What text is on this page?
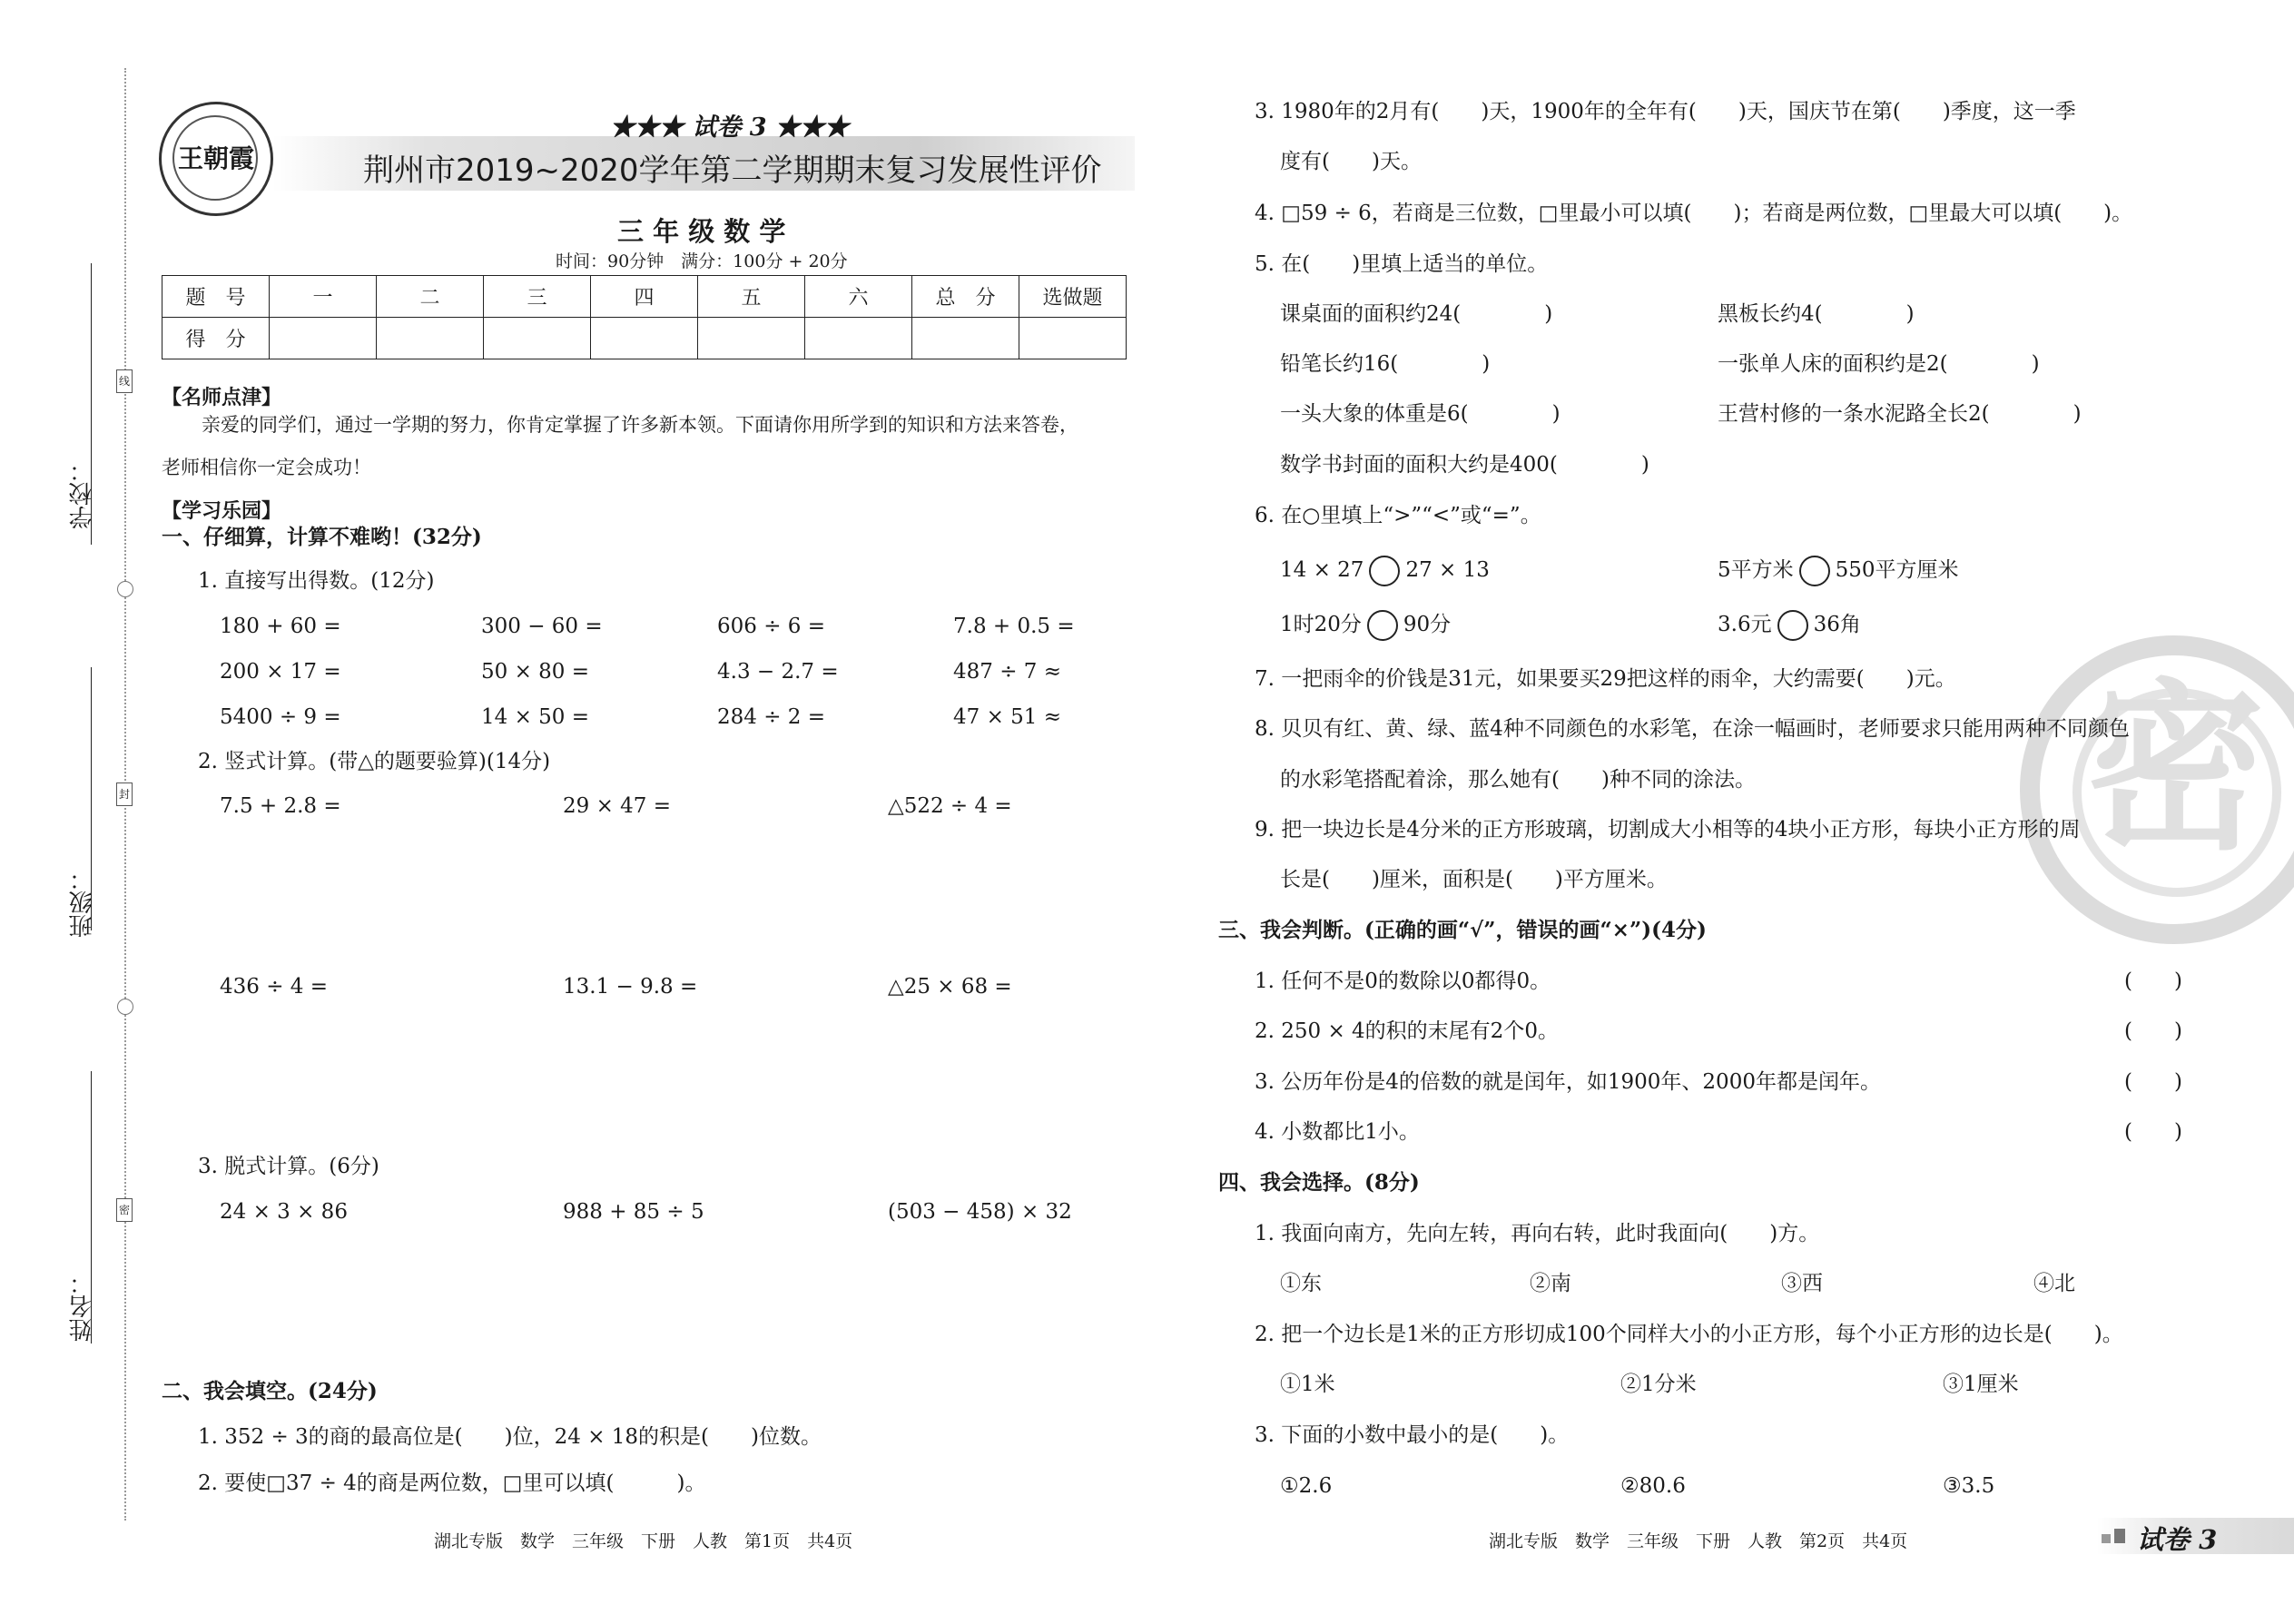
学校：
班级：
姓名：
线
封
密
王朝霞
★★★ 试卷 3 ★★★
荆州市2019~2020学年第二学期期末复习发展性评价
三 年 级 数 学
时间：90分钟　满分：100分 + 20分
题　号	一	二	三	四	五	六	总　分	选做题
得　分								
【名师点津】
亲爱的同学们，通过一学期的努力，你肯定掌握了许多新本领。下面请你用所学到的知识和方法来答卷，
老师相信你一定会成功！
【学习乐园】
一、仔细算，计算不难哟！(32分)
1. 直接写出得数。(12分)
180 + 60 =	300 − 60 =	606 ÷ 6 =	7.8 + 0.5 =
200 × 17 =	50 × 80 =	4.3 − 2.7 =	487 ÷ 7 ≈
5400 ÷ 9 =	14 × 50 =	284 ÷ 2 =	47 × 51 ≈
2. 竖式计算。(带△的题要验算)(14分)
7.5 + 2.8 =	29 × 47 =	△522 ÷ 4 =
436 ÷ 4 =	13.1 − 9.8 =	△25 × 68 =
3. 脱式计算。(6分)
24 × 3 × 86	988 + 85 ÷ 5	(503 − 458) × 32
二、我会填空。(24分)
1. 352 ÷ 3的商的最高位是(　　)位，24 × 18的积是(　　)位数。
2. 要使□37 ÷ 4的商是两位数，□里可以填(　　　)。
湖北专版　数学　三年级　下册　人教　第1页　共4页
密
3. 1980年的2月有(　　)天，1900年的全年有(　　)天，国庆节在第(　　)季度，这一季
度有(　　)天。
4. □59 ÷ 6，若商是三位数，□里最小可以填(　　)；若商是两位数，□里最大可以填(　　)。
5. 在(　　)里填上适当的单位。
课桌面的面积约24(　　　　)	黑板长约4(　　　　)
铅笔长约16(　　　　)	一张单人床的面积约是2(　　　　)
一头大象的体重是6(　　　　)	王营村修的一条水泥路全长2(　　　　)
数学书封面的面积大约是400(　　　　)
6. 在○里填上“>”“<”或“=”。
14 × 27 27 × 13	5平方米 550平方厘米
1时20分 90分	3.6元 36角
7. 一把雨伞的价钱是31元，如果要买29把这样的雨伞，大约需要(　　)元。
8. 贝贝有红、黄、绿、蓝4种不同颜色的水彩笔，在涂一幅画时，老师要求只能用两种不同颜色
的水彩笔搭配着涂，那么她有(　　)种不同的涂法。
9. 把一块边长是4分米的正方形玻璃，切割成大小相等的4块小正方形，每块小正方形的周
长是(　　)厘米，面积是(　　)平方厘米。
三、我会判断。(正确的画“√”，错误的画“×”)(4分)
1. 任何不是0的数除以0都得0。
2. 250 × 4的积的末尾有2个0。
3. 公历年份是4的倍数的就是闰年，如1900年、2000年都是闰年。
4. 小数都比1小。
(　　)
(　　)
(　　)
(　　)
四、我会选择。(8分)
1. 我面向南方，先向左转，再向右转，此时我面向(　　)方。
①东	②南	③西	④北
2. 把一个边长是1米的正方形切成100个同样大小的小正方形，每个小正方形的边长是(　　)。
①1米	②1分米	③1厘米
3. 下面的小数中最小的是(　　)。
①2.6	②80.6	③3.5
湖北专版　数学　三年级　下册　人教　第2页　共4页	试卷 3
